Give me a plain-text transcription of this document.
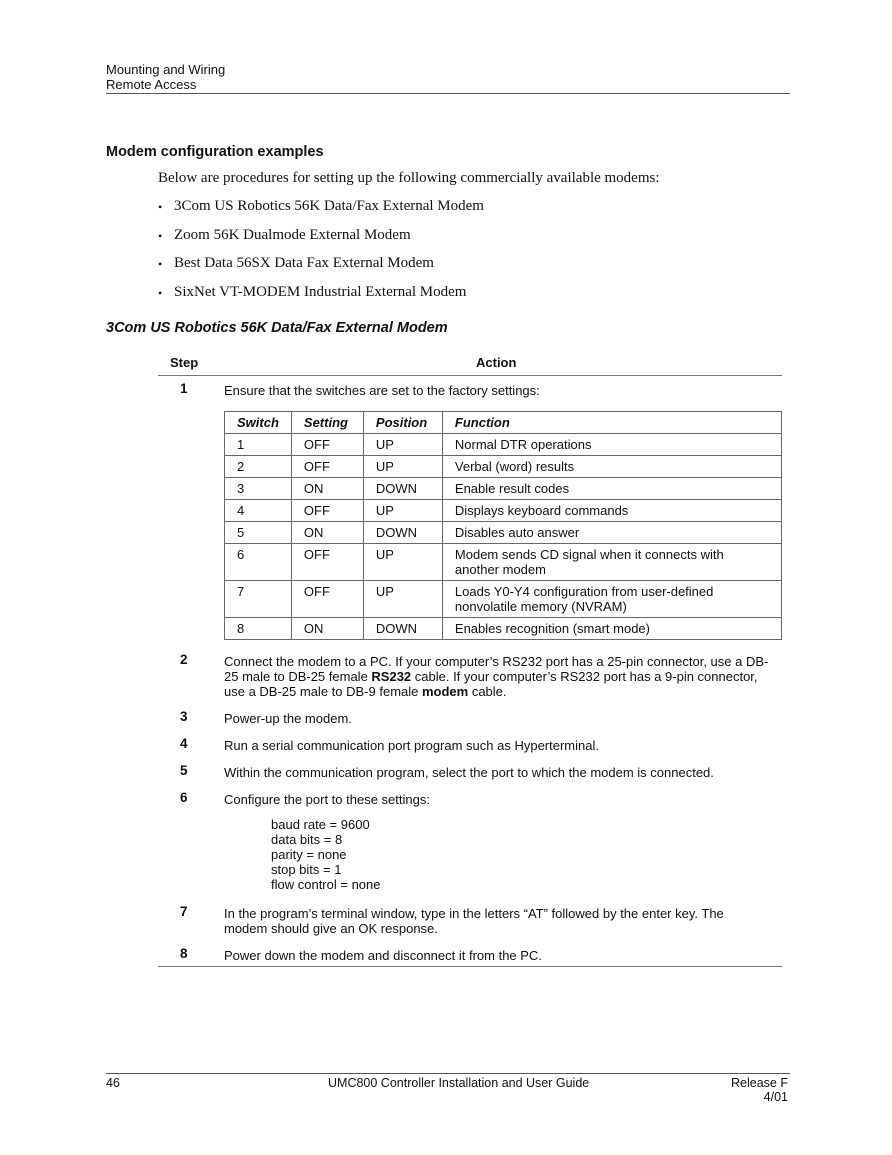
Mounting and Wiring
Remote Access
Modem configuration examples
Below are procedures for setting up the following commercially available modems:
• 3Com US Robotics 56K Data/Fax External Modem
• Zoom 56K Dualmode External Modem
• Best Data 56SX Data Fax External Modem
• SixNet VT-MODEM Industrial External Modem
3Com US Robotics 56K Data/Fax External Modem
Step	Action
1	Ensure that the switches are set to the factory settings:
Switch	Setting	Position	Function
1	OFF	UP	Normal DTR operations
2	OFF	UP	Verbal (word) results
3	ON	DOWN	Enable result codes
4	OFF	UP	Displays keyboard commands
5	ON	DOWN	Disables auto answer
6	OFF	UP	Modem sends CD signal when it connects with another modem
7	OFF	UP	Loads Y0-Y4 configuration from user-defined nonvolatile memory (NVRAM)
8	ON	DOWN	Enables recognition (smart mode)
2	Connect the modem to a PC. If your computer’s RS232 port has a 25-pin connector, use a DB-25 male to DB-25 female RS232 cable. If your computer’s RS232 port has a 9-pin connector, use a DB-25 male to DB-9 female modem cable.
3	Power-up the modem.
4	Run a serial communication port program such as Hyperterminal.
5	Within the communication program, select the port to which the modem is connected.
6	Configure the port to these settings:
baud rate = 9600
data bits = 8
parity = none
stop bits = 1
flow control = none
7	In the program’s terminal window, type in the letters “AT” followed by the enter key. The modem should give an OK response.
8	Power down the modem and disconnect it from the PC.
46	UMC800 Controller Installation and User Guide	Release F
4/01
